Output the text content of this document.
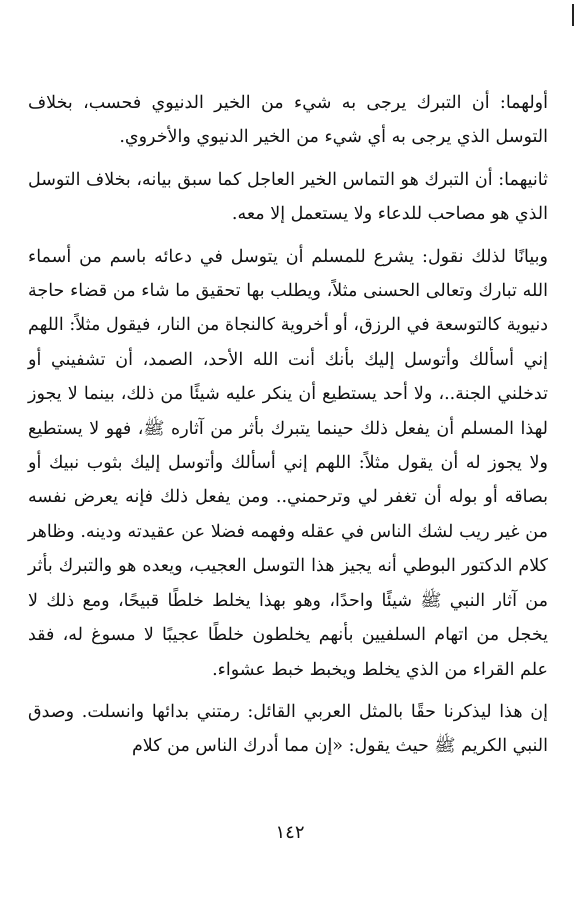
أولهما: أن التبرك يرجى به شيء من الخير الدنيوي فحسب، بخلاف التوسل الذي يرجى به أي شيء من الخير الدنيوي والأخروي.

ثانيهما: أن التبرك هو التماس الخير العاجل كما سبق بيانه، بخلاف التوسل الذي هو مصاحب للدعاء ولا يستعمل إلا معه.

وبيانًا لذلك نقول: يشرع للمسلم أن يتوسل في دعائه باسم من أسماء الله تبارك وتعالى الحسنى مثلاً، ويطلب بها تحقيق ما شاء من قضاء حاجة دنيوية كالتوسعة في الرزق، أو أخروية كالنجاة من النار، فيقول مثلاً: اللهم إني أسألك وأتوسل إليك بأنك أنت الله الأحد، الصمد، أن تشفيني أو تدخلني الجنة..، ولا أحد يستطيع أن ينكر عليه شيئًا من ذلك، بينما لا يجوز لهذا المسلم أن يفعل ذلك حينما يتبرك بأثر من آثاره ﷺ، فهو لا يستطيع ولا يجوز له أن يقول مثلاً: اللهم إني أسألك وأتوسل إليك بثوب نبيك أو بصاقه أو بوله أن تغفر لي وترحمني.. ومن يفعل ذلك فإنه يعرض نفسه من غير ريب لشك الناس في عقله وفهمه فضلا عن عقيدته ودينه. وظاهر كلام الدكتور البوطي أنه يجيز هذا التوسل العجيب، ويعده هو والتبرك بأثر من آثار النبي ﷺ شيئًا واحدًا، وهو بهذا يخلط خلطًا قبيحًا، ومع ذلك لا يخجل من اتهام السلفيين بأنهم يخلطون خلطًا عجيبًا لا مسوغ له، فقد علم القراء من الذي يخلط ويخبط خبط عشواء.

إن هذا ليذكرنا حقًا بالمثل العربي القائل: رمتني بدائها وانسلت. وصدق النبي الكريم ﷺ حيث يقول: «إن مما أدرك الناس من كلام

١٤٢
